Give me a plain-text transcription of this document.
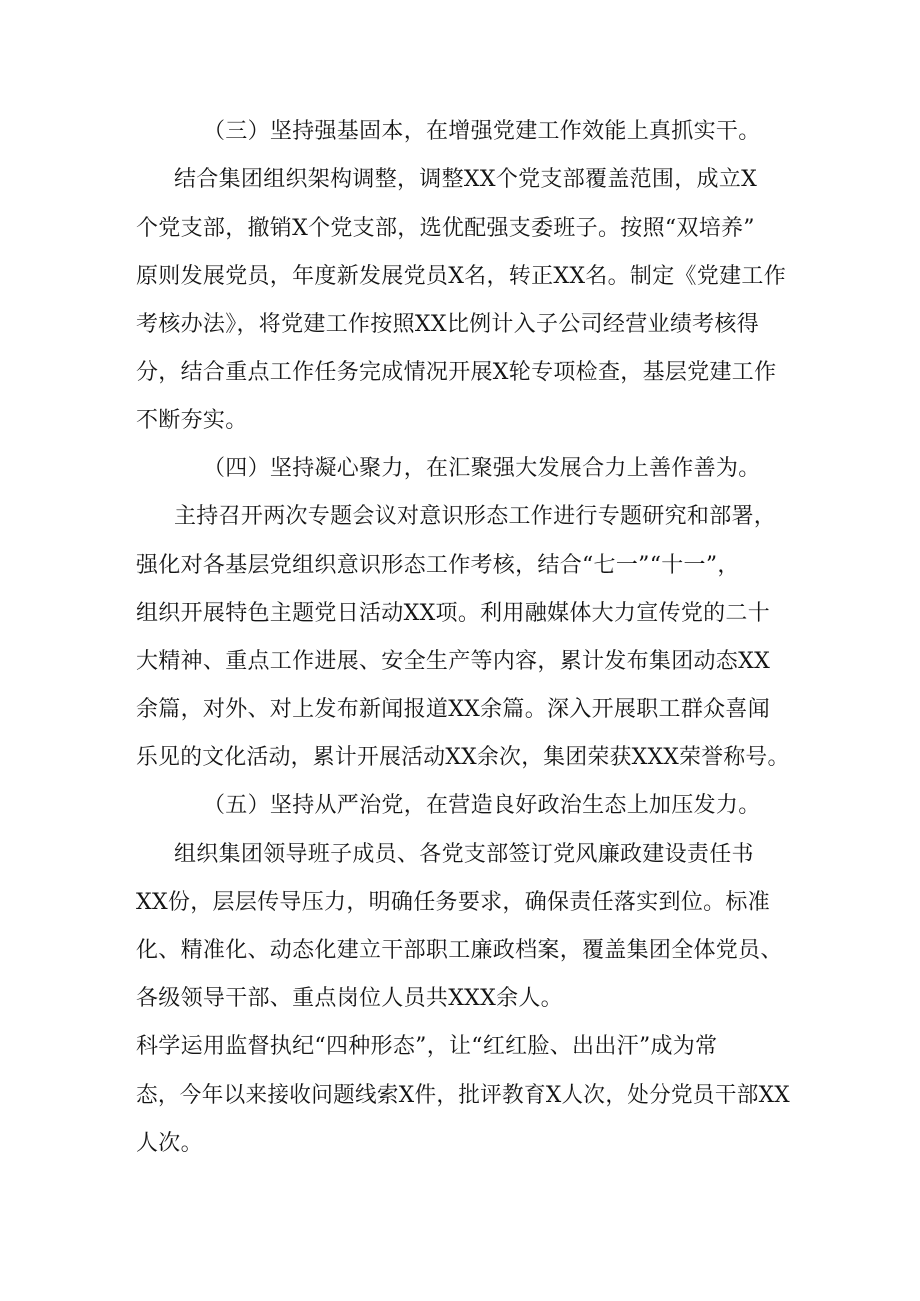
（三）坚持强基固本，在增强党建工作效能上真抓实干。
结合集团组织架构调整，调整XX个党支部覆盖范围，成立X
个党支部，撤销X个党支部，选优配强支委班子。按照“双培养”
原则发展党员，年度新发展党员X名，转正XX名。制定《党建工作
考核办法》，将党建工作按照XX比例计入子公司经营业绩考核得
分，结合重点工作任务完成情况开展X轮专项检查，基层党建工作
不断夯实。
（四）坚持凝心聚力，在汇聚强大发展合力上善作善为。
主持召开两次专题会议对意识形态工作进行专题研究和部署，
强化对各基层党组织意识形态工作考核，结合“七一”“十一”，
组织开展特色主题党日活动XX项。利用融媒体大力宣传党的二十
大精神、重点工作进展、安全生产等内容，累计发布集团动态XX
余篇，对外、对上发布新闻报道XX余篇。深入开展职工群众喜闻
乐见的文化活动，累计开展活动XX余次，集团荣获XXX荣誉称号。
（五）坚持从严治党，在营造良好政治生态上加压发力。
组织集团领导班子成员、各党支部签订党风廉政建设责任书
XX份，层层传导压力，明确任务要求，确保责任落实到位。标准
化、精准化、动态化建立干部职工廉政档案，覆盖集团全体党员、
各级领导干部、重点岗位人员共XXX余人。
科学运用监督执纪“四种形态”，让“红红脸、出出汗”成为常
态，今年以来接收问题线索X件，批评教育X人次，处分党员干部XX
人次。
